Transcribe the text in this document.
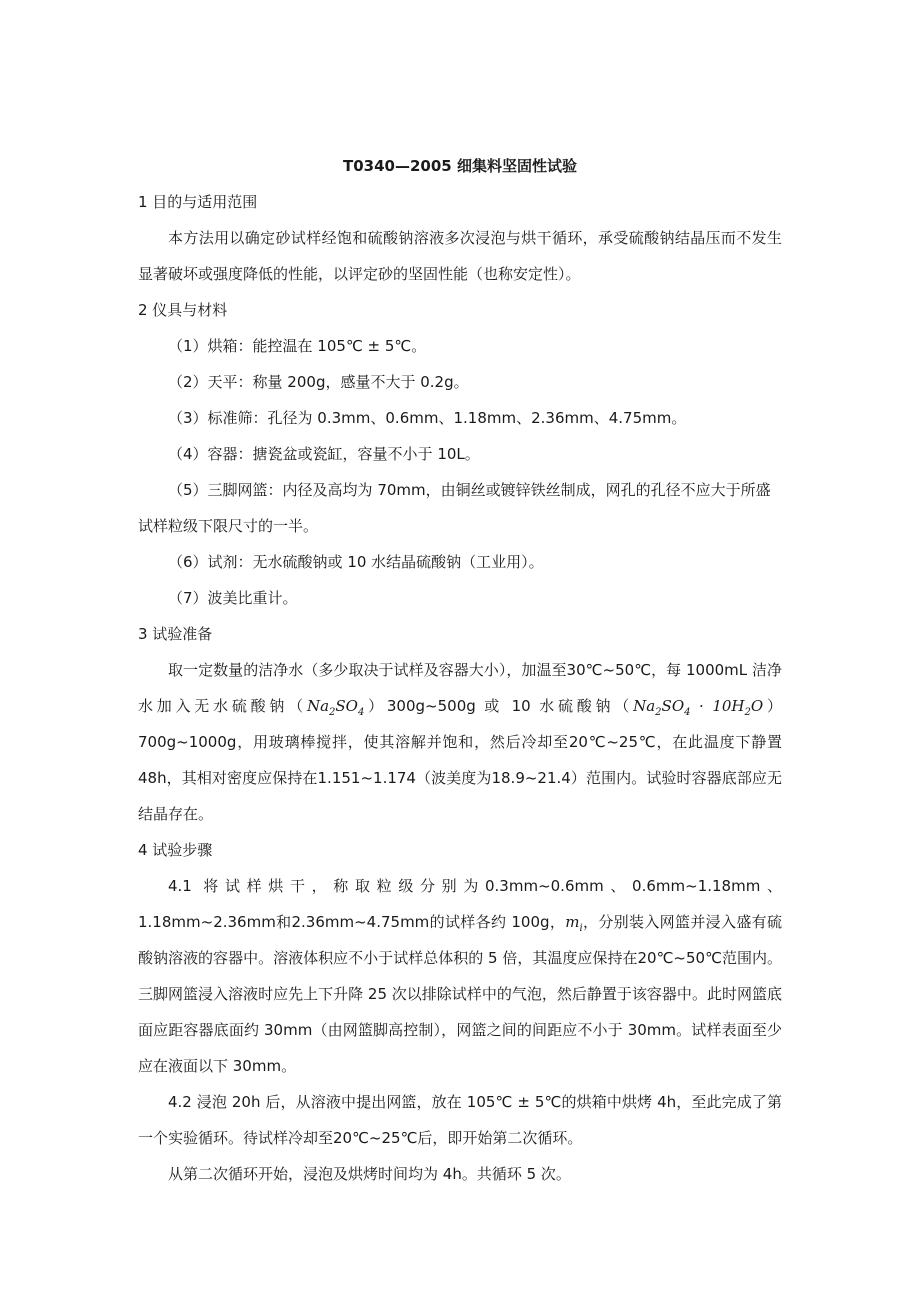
T0340—2005 细集料坚固性试验

1 目的与适用范围

本方法用以确定砂试样经饱和硫酸钠溶液多次浸泡与烘干循环，承受硫酸钠结晶压而不发生显著破坏或强度降低的性能，以评定砂的坚固性能（也称安定性）。

2 仪具与材料

（1）烘箱：能控温在 105℃ ± 5℃。

（2）天平：称量 200g，感量不大于 0.2g。

（3）标准筛：孔径为 0.3mm、0.6mm、1.18mm、2.36mm、4.75mm。

（4）容器：搪瓷盆或瓷缸，容量不小于 10L。

（5）三脚网篮：内径及高均为 70mm，由铜丝或镀锌铁丝制成，网孔的孔径不应大于所盛试样粒级下限尺寸的一半。

（6）试剂：无水硫酸钠或 10 水结晶硫酸钠（工业用）。

（7）波美比重计。

3 试验准备

取一定数量的洁净水（多少取决于试样及容器大小），加温至30℃~50℃，每 1000mL 洁净水加入无水硫酸钠$(Na_2SO_4)300g\sim 500g$ 或 10 水硫酸钠（$Na_2SO_4$ · $10H_2O)700g\sim 1000g$，用玻璃棒搅拌，使其溶解并饱和，然后冷却至20℃~25℃，在此温度下静置 48h，其相对密度应保持在1.151~1.174（波美度为18.9~21.4）范围内。试验时容器底部应无结晶存在。

4 试验步骤

4.1 将试样烘干，称取粒级分别为0.3mm~0.6mm、0.6mm~1.18mm、1.18mm~2.36mm和2.36mm~4.75mm的试样各约 100g，$m_i$，分别装入网篮并浸入盛有硫酸钠溶液的容器中。溶液体积应不小于试样总体积的 5 倍，其温度应保持在20℃~50℃范围内。三脚网篮浸入溶液时应先上下升降 25 次以排除试样中的气泡，然后静置于该容器中。此时网篮底面应距容器底面约 30mm（由网篮脚高控制），网篮之间的间距应不小于 30mm。试样表面至少应在液面以下 30mm。

4.2 浸泡 20h 后，从溶液中提出网篮，放在 105℃ ± 5℃的烘箱中烘烤 4h，至此完成了第一个实验循环。待试样冷却至20℃~25℃后，即开始第二次循环。

从第二次循环开始，浸泡及烘烤时间均为 4h。共循环 5 次。
